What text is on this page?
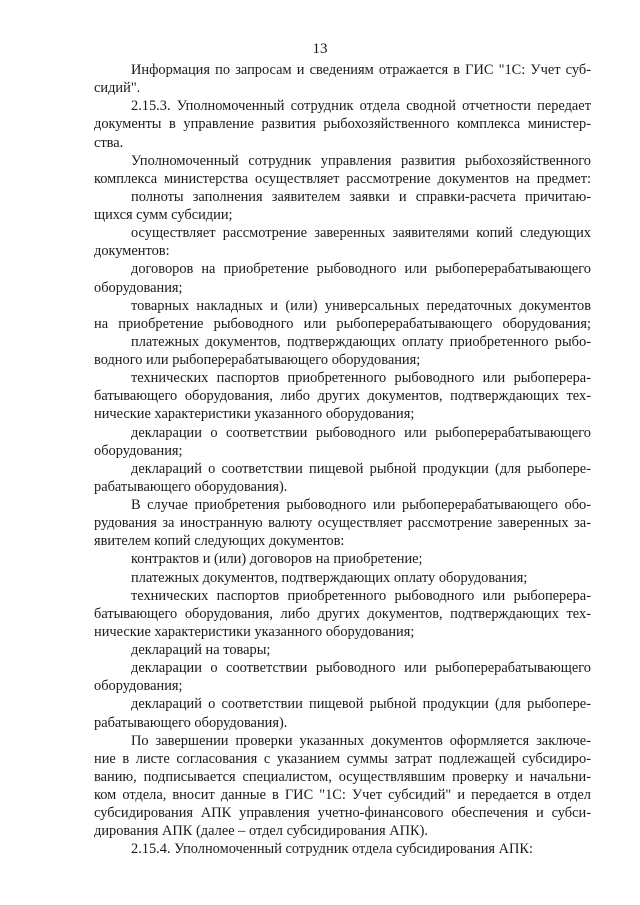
13
Информация по запросам и сведениям отражается в ГИС "1С: Учет суб-
сидий".
2.15.3. Уполномоченный сотрудник отдела сводной отчетности передает
документы в управление развития рыбохозяйственного комплекса министер-
ства.
Уполномоченный сотрудник управления развития рыбохозяйственного
комплекса министерства осуществляет рассмотрение документов на предмет:
полноты заполнения заявителем заявки и справки-расчета причитаю-
щихся сумм субсидии;
осуществляет рассмотрение заверенных заявителями копий следующих
документов:
договоров на приобретение рыбоводного или рыбоперерабатывающего
оборудования;
товарных накладных и (или) универсальных передаточных документов
на приобретение рыбоводного или рыбоперерабатывающего оборудования;
платежных документов, подтверждающих оплату приобретенного рыбо-
водного или рыбоперерабатывающего оборудования;
технических паспортов приобретенного рыбоводного или рыбоперера-
батывающего оборудования, либо других документов, подтверждающих тех-
нические характеристики указанного оборудования;
декларации о соответствии рыбоводного или рыбоперерабатывающего
оборудования;
деклараций о соответствии пищевой рыбной продукции (для рыбопере-
рабатывающего оборудования).
В случае приобретения рыбоводного или рыбоперерабатывающего обо-
рудования за иностранную валюту осуществляет рассмотрение заверенных за-
явителем копий следующих документов:
контрактов и (или) договоров на приобретение;
платежных документов, подтверждающих оплату оборудования;
технических паспортов приобретенного рыбоводного или рыбоперера-
батывающего оборудования, либо других документов, подтверждающих тех-
нические характеристики указанного оборудования;
деклараций на товары;
декларации о соответствии рыбоводного или рыбоперерабатывающего
оборудования;
деклараций о соответствии пищевой рыбной продукции (для рыбопере-
рабатывающего оборудования).
По завершении проверки указанных документов оформляется заключе-
ние в листе согласования с указанием суммы затрат подлежащей субсидиро-
ванию, подписывается специалистом, осуществлявшим проверку и начальни-
ком отдела, вносит данные в ГИС "1С: Учет субсидий" и передается в отдел
субсидирования АПК управления учетно-финансового обеспечения и субси-
дирования АПК (далее – отдел субсидирования АПК).
2.15.4. Уполномоченный сотрудник отдела субсидирования АПК:
